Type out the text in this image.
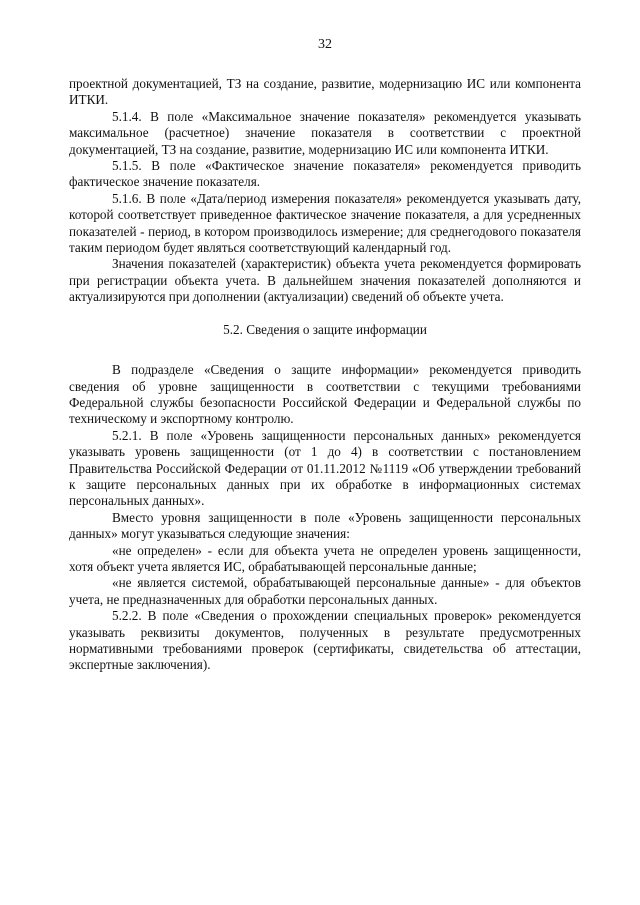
32

проектной документацией, ТЗ на создание, развитие, модернизацию ИС или компонента ИТКИ.

5.1.4. В поле «Максимальное значение показателя» рекомендуется указывать максимальное (расчетное) значение показателя в соответствии с проектной документацией, ТЗ на создание, развитие, модернизацию ИС или компонента ИТКИ.

5.1.5. В поле «Фактическое значение показателя» рекомендуется приводить фактическое значение показателя.

5.1.6. В поле «Дата/период измерения показателя» рекомендуется указывать дату, которой соответствует приведенное фактическое значение показателя, а для усредненных показателей - период, в котором производилось измерение; для среднегодового показателя таким периодом будет являться соответствующий календарный год.

Значения показателей (характеристик) объекта учета рекомендуется формировать при регистрации объекта учета. В дальнейшем значения показателей дополняются и актуализируются при дополнении (актуализации) сведений об объекте учета.

5.2. Сведения о защите информации

В подразделе «Сведения о защите информации» рекомендуется приводить сведения об уровне защищенности в соответствии с текущими требованиями Федеральной службы безопасности Российской Федерации и Федеральной службы по техническому и экспортному контролю.

5.2.1. В поле «Уровень защищенности персональных данных» рекомендуется указывать уровень защищенности (от 1 до 4) в соответствии с постановлением Правительства Российской Федерации от 01.11.2012 №1119 «Об утверждении требований к защите персональных данных при их обработке в информационных системах персональных данных».

Вместо уровня защищенности в поле «Уровень защищенности персональных данных» могут указываться следующие значения:

«не определен» - если для объекта учета не определен уровень защищенности, хотя объект учета является ИС, обрабатывающей персональные данные;

«не является системой, обрабатывающей персональные данные» - для объектов учета, не предназначенных для обработки персональных данных.

5.2.2. В поле «Сведения о прохождении специальных проверок» рекомендуется указывать реквизиты документов, полученных в результате предусмотренных нормативными требованиями проверок (сертификаты, свидетельства об аттестации, экспертные заключения).
